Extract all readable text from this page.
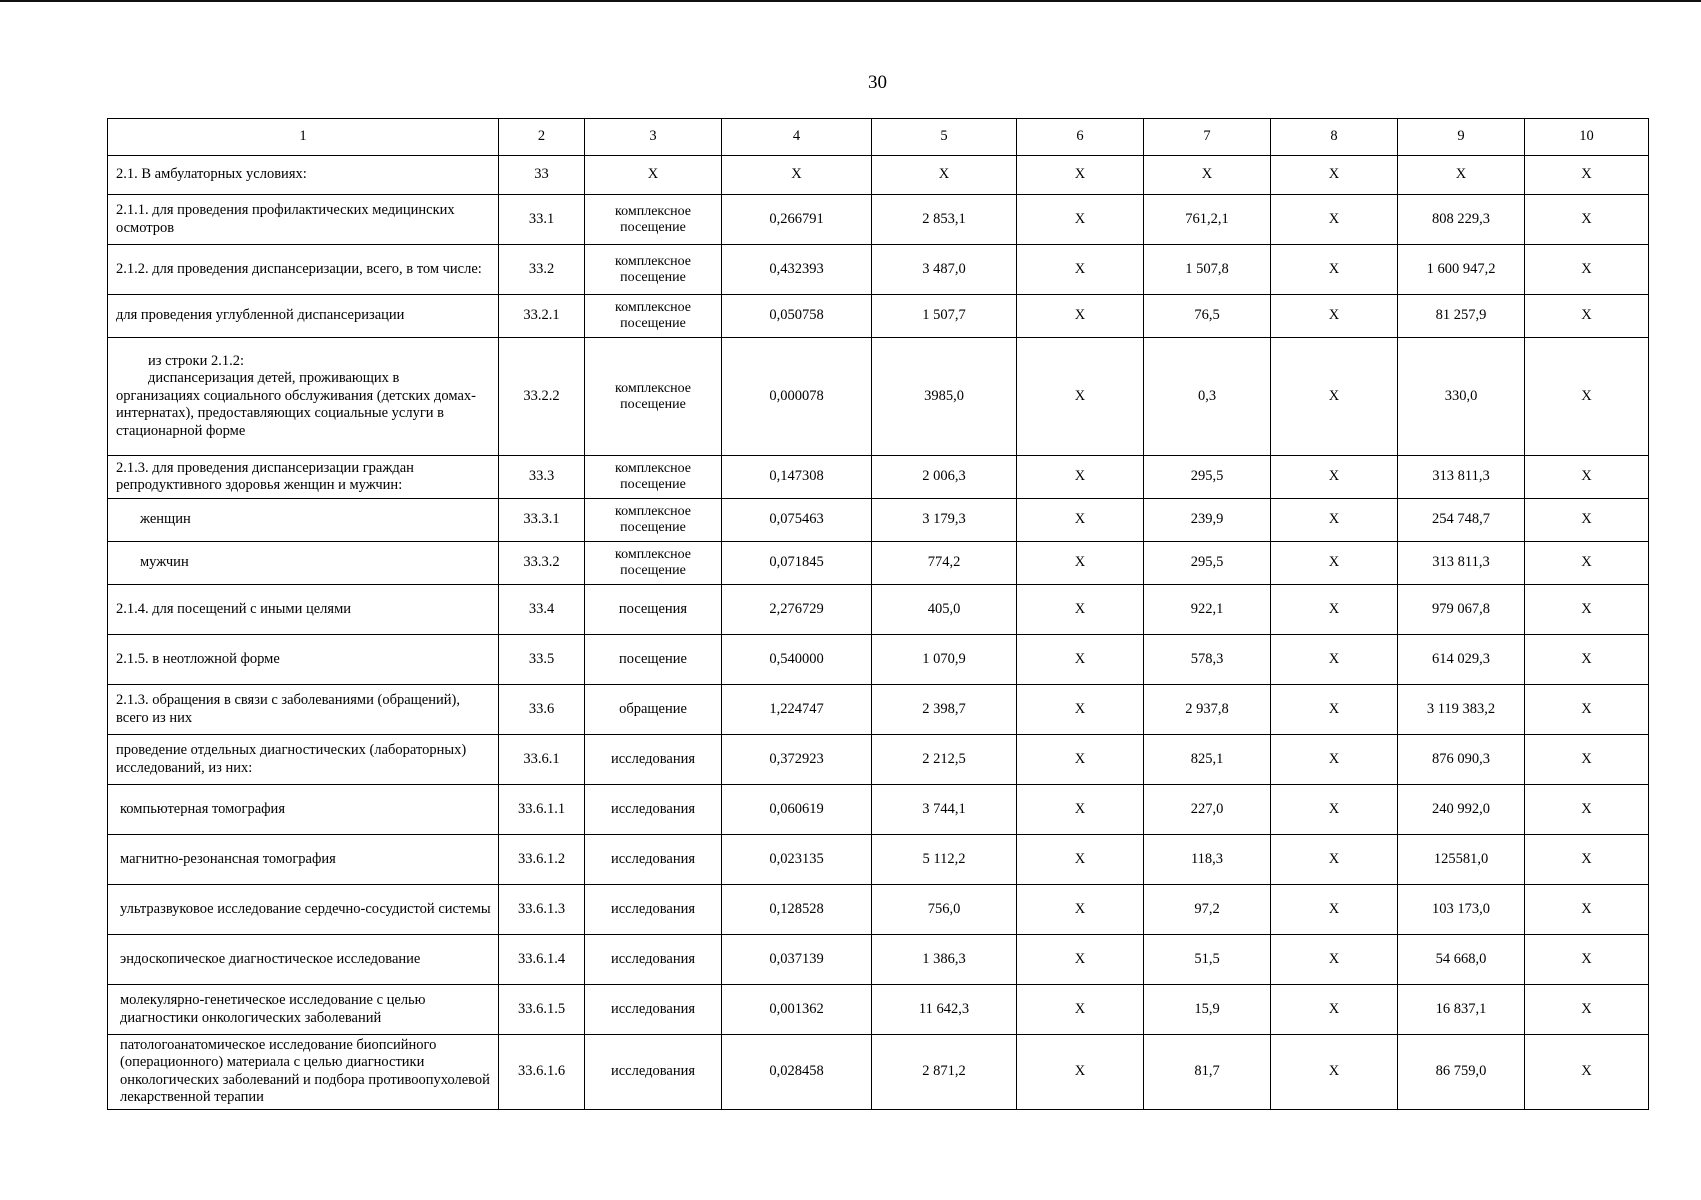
30
1	2	3	4	5	6	7	8	9	10
2.1. В амбулаторных условиях:	33	X	X	X	X	X	X	X	X
2.1.1. для проведения профилактических медицинских осмотров	33.1	комплексное посещение	0,266791	2 853,1	X	761,2,1	X	808 229,3	X
2.1.2. для проведения диспансеризации, всего, в том числе:	33.2	комплексное посещение	0,432393	3 487,0	X	1 507,8	X	1 600 947,2	X
для проведения углубленной диспансеризации	33.2.1	комплексное посещение	0,050758	1 507,7	X	76,5	X	81 257,9	X

из строки 2.1.2:
диспансеризация детей, проживающих в
организациях социального обслуживания (детских домах-интернатах), предоставляющих социальные услуги в стационарной форме	33.2.2	комплексное посещение	0,000078	3985,0	X	0,3	X	330,0	X
2.1.3. для проведения диспансеризации граждан репродуктивного здоровья женщин и мужчин:	33.3	комплексное посещение	0,147308	2 006,3	X	295,5	X	313 811,3	X
женщин	33.3.1	комплексное посещение	0,075463	3 179,3	X	239,9	X	254 748,7	X
мужчин	33.3.2	комплексное посещение	0,071845	774,2	X	295,5	X	313 811,3	X
2.1.4. для посещений с иными целями	33.4	посещения	2,276729	405,0	X	922,1	X	979 067,8	X
2.1.5. в неотложной форме	33.5	посещение	0,540000	1 070,9	X	578,3	X	614 029,3	X
2.1.3. обращения в связи с заболеваниями (обращений), всего из них	33.6	обращение	1,224747	2 398,7	X	2 937,8	X	3 119 383,2	X
проведение отдельных диагностических (лабораторных) исследований, из них:	33.6.1	исследования	0,372923	2 212,5	X	825,1	X	876 090,3	X
компьютерная томография	33.6.1.1	исследования	0,060619	3 744,1	X	227,0	X	240 992,0	X
магнитно-резонансная томография	33.6.1.2	исследования	0,023135	5 112,2	X	118,3	X	125581,0	X
ультразвуковое исследование сердечно-сосудистой системы	33.6.1.3	исследования	0,128528	756,0	X	97,2	X	103 173,0	X
эндоскопическое диагностическое исследование	33.6.1.4	исследования	0,037139	1 386,3	X	51,5	X	54 668,0	X
молекулярно-генетическое исследование с целью диагностики онкологических заболеваний	33.6.1.5	исследования	0,001362	11 642,3	X	15,9	X	16 837,1	X
патологоанатомическое исследование биопсийного (операционного) материала с целью диагностики онкологических заболеваний и подбора противоопухолевой лекарственной терапии	33.6.1.6	исследования	0,028458	2 871,2	X	81,7	X	86 759,0	X
